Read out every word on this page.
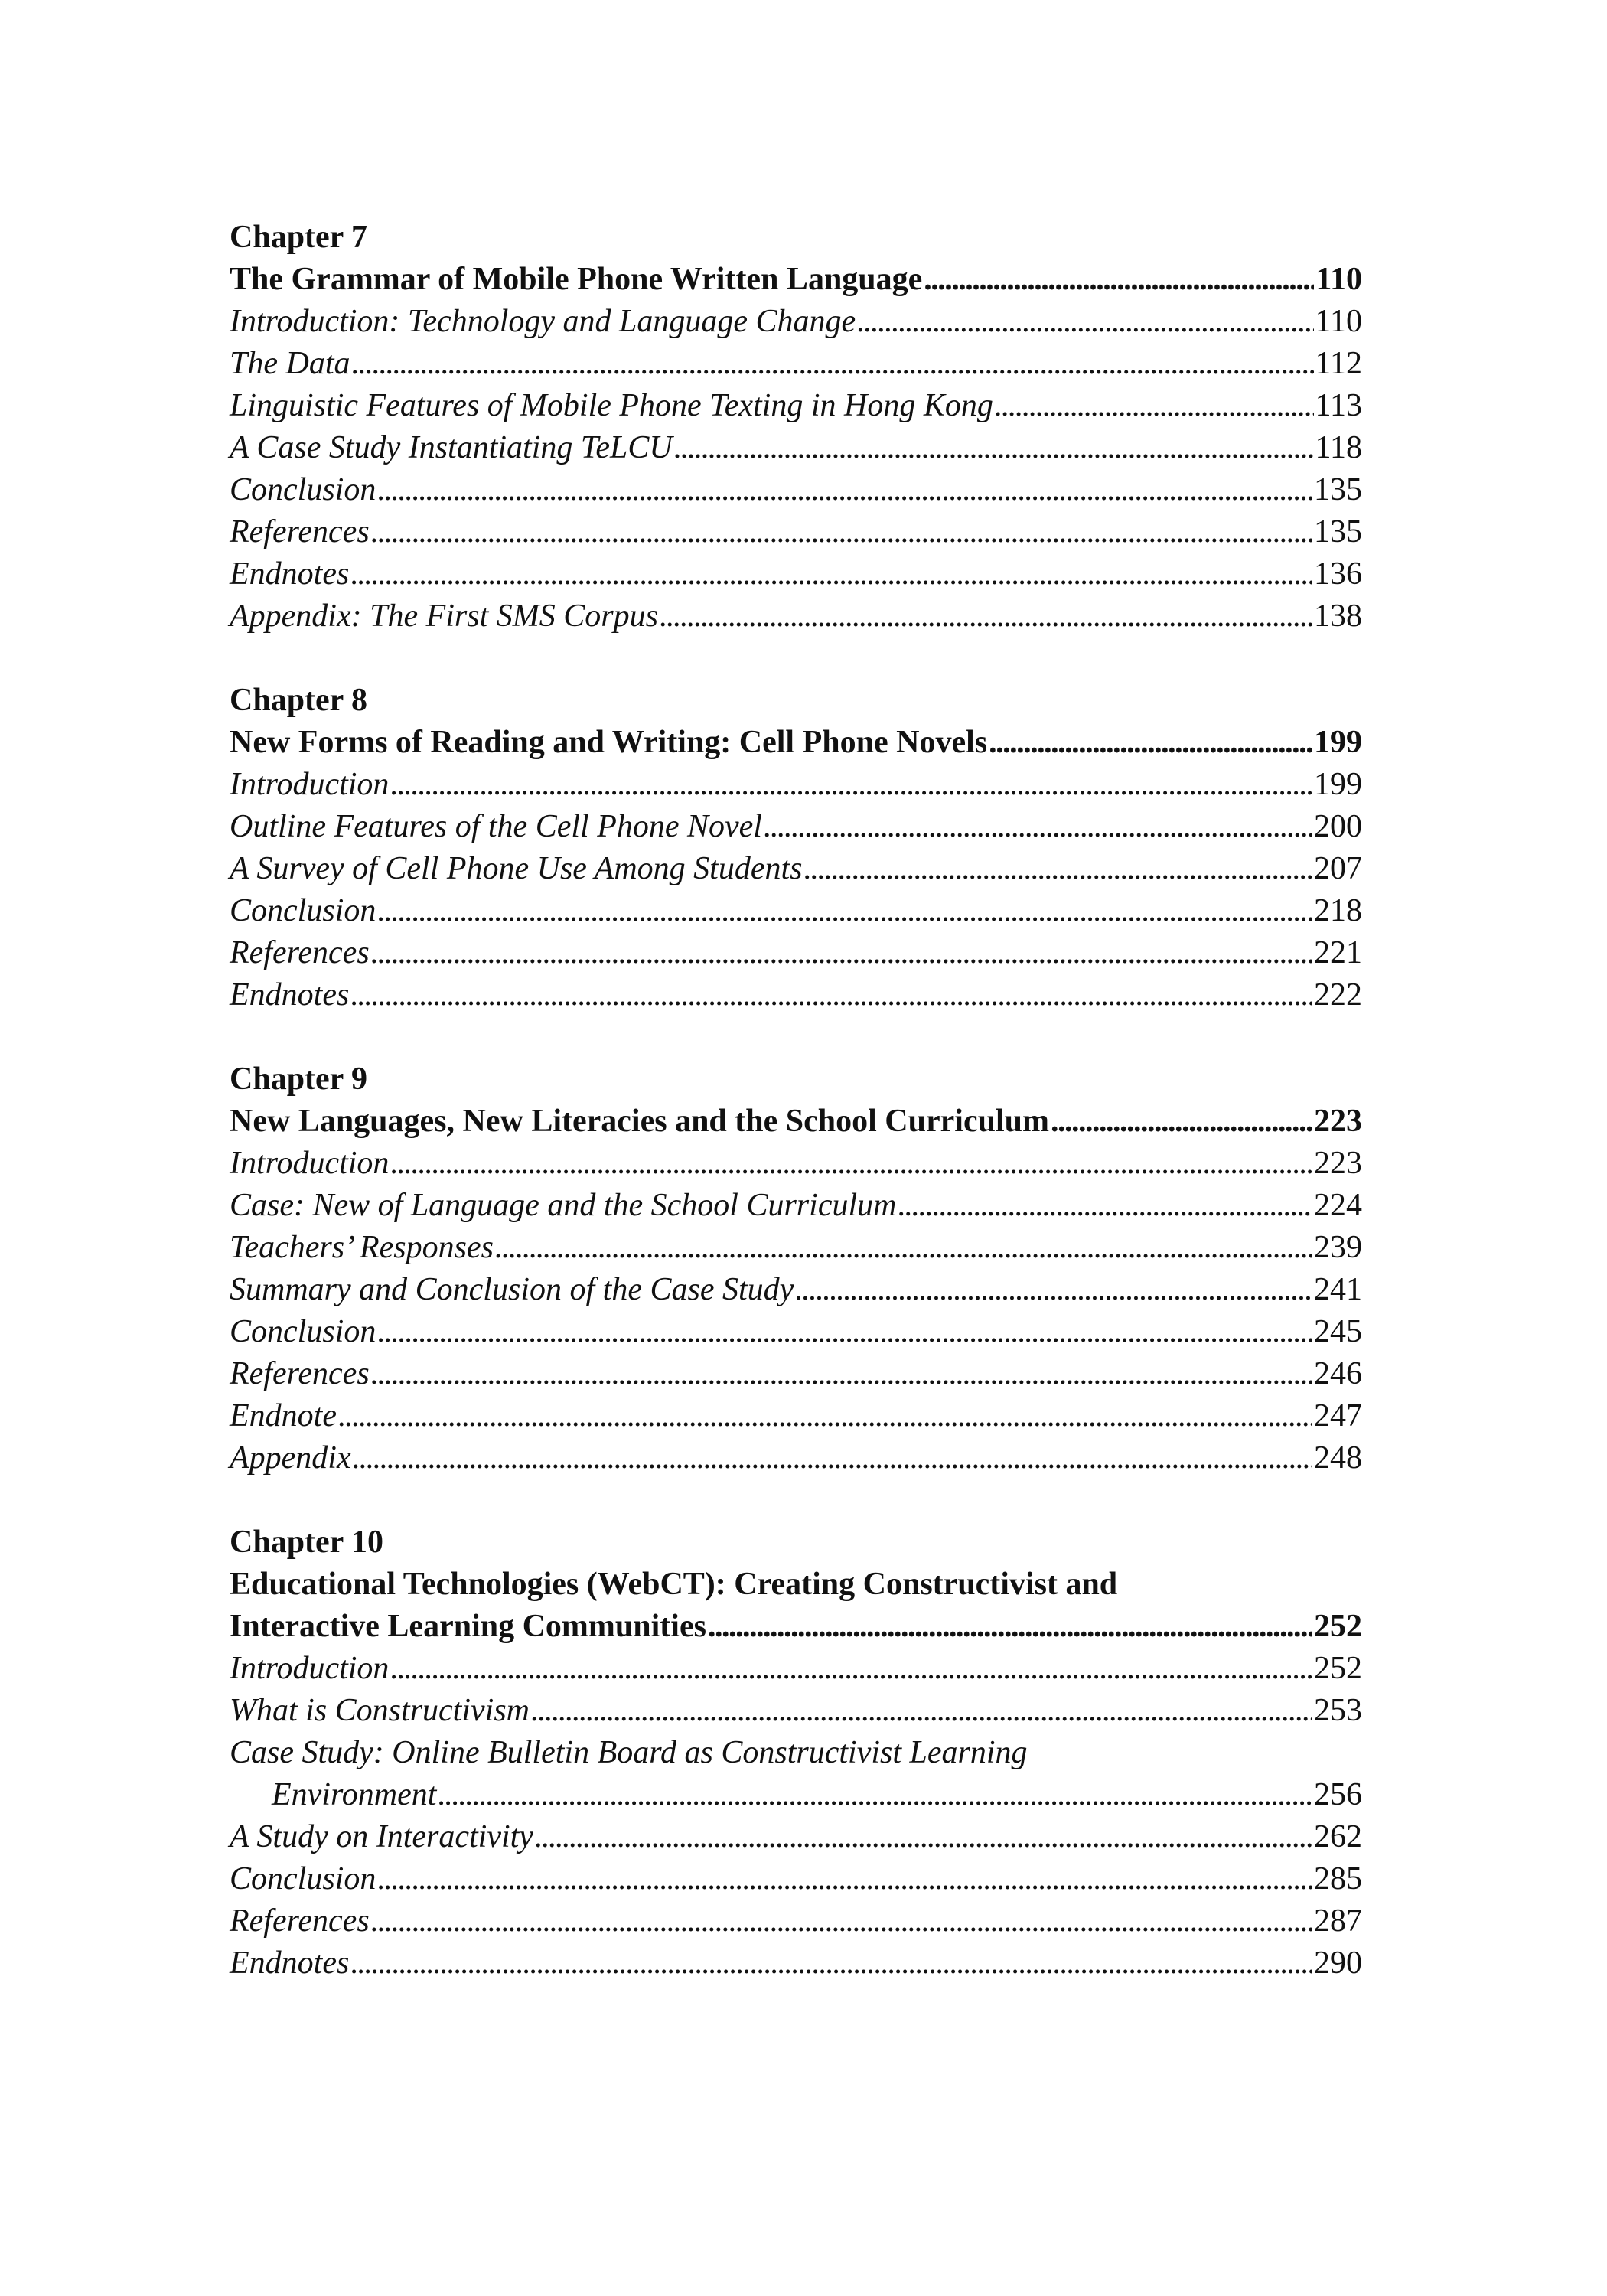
Chapter 7
The Grammar of Mobile Phone Written Language . . .	110
Introduction: Technology and Language Change . . .	110
The Data . . .	112
Linguistic Features of Mobile Phone Texting in Hong Kong . . .	113
A Case Study Instantiating TeLCU . . .	118
Conclusion . . .	135
References . . .	135
Endnotes . . .	136
Appendix: The First SMS Corpus . . .	138
Chapter 8
New Forms of Reading and Writing: Cell Phone Novels . . .	199
Introduction . . .	199
Outline Features of the Cell Phone Novel . . .	200
A Survey of Cell Phone Use Among Students . . .	207
Conclusion . . .	218
References . . .	221
Endnotes . . .	222
Chapter 9
New Languages, New Literacies and the School Curriculum . . .	223
Introduction . . .	223
Case: New of Language and the School Curriculum . . .	224
Teachers’ Responses . . .	239
Summary and Conclusion of the Case Study . . .	241
Conclusion . . .	245
References . . .	246
Endnote . . .	247
Appendix . . .	248
Chapter 10
Educational Technologies (WebCT): Creating Constructivist and
Interactive Learning Communities . . .	252
Introduction . . .	252
What is Constructivism . . .	253
Case Study: Online Bulletin Board as Constructivist Learning
Environment . . .	256
A Study on Interactivity . . .	262
Conclusion . . .	285
References . . .	287
Endnotes . . .	290
